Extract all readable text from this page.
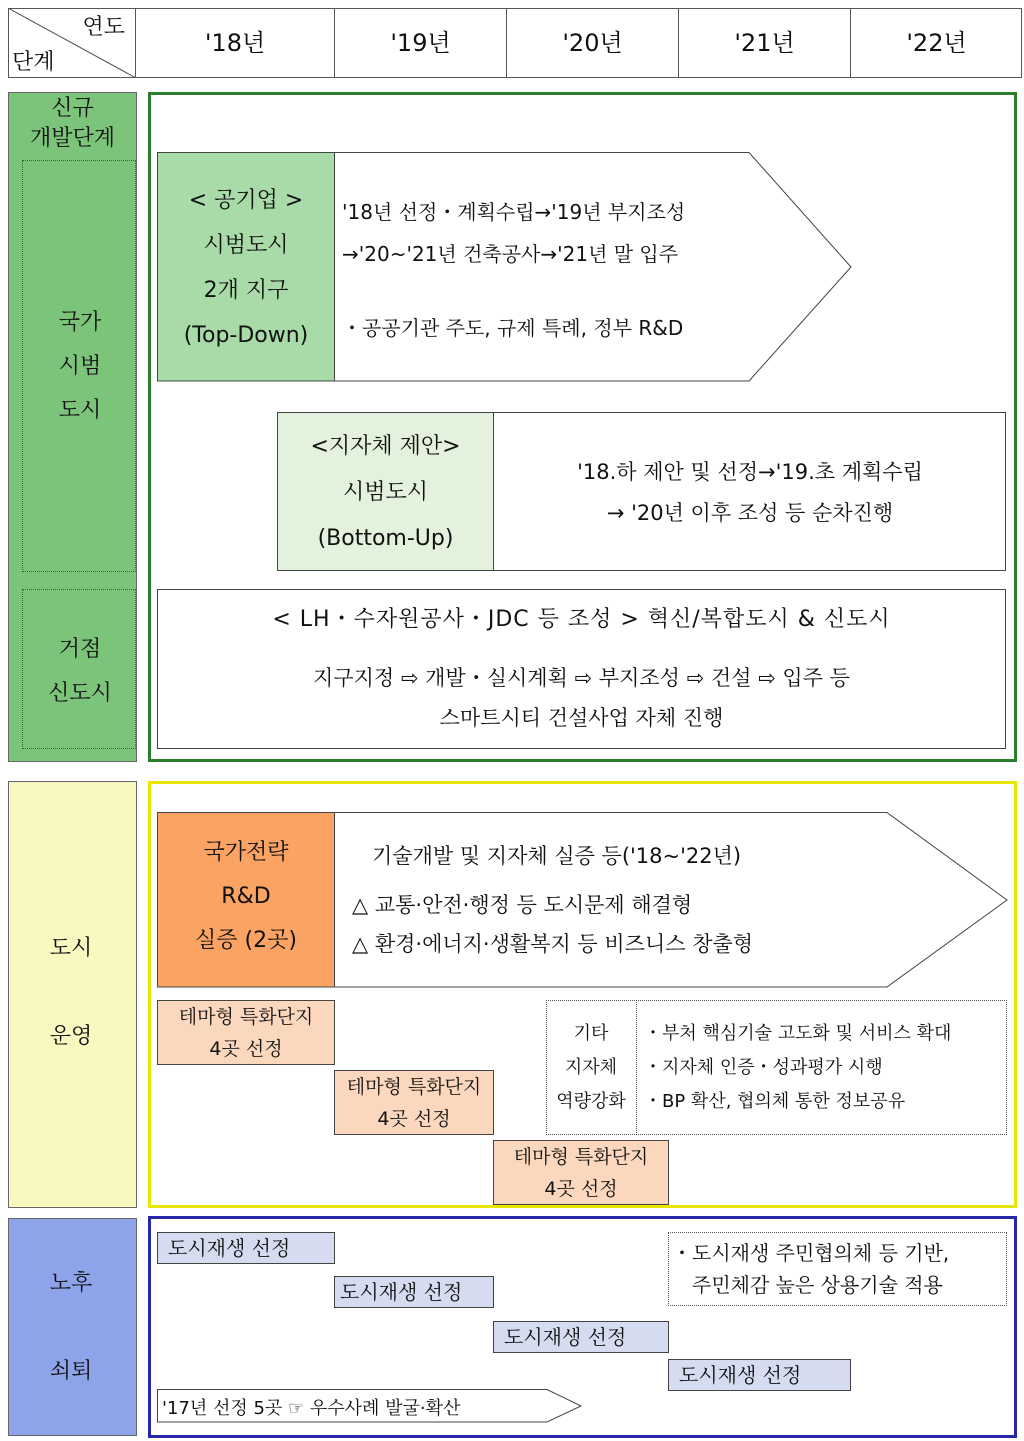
연도
단계
'18년	'19년	'20년	'21년	'22년
신규
개발단계
국가
시범
도시
거점
신도시
< 공기업 >
시범도시
2개 지구
(Top-Down)
'18년 선정・계획수립→'19년 부지조성
→'20~'21년 건축공사→'21년 말 입주
・공공기관 주도, 규제 특례, 정부 R&D
<지자체 제안>
시범도시
(Bottom-Up)
'18.하 제안 및 선정→'19.초 계획수립
→ '20년 이후 조성 등 순차진행
< LH・수자원공사・JDC 등 조성 > 혁신/복합도시 & 신도시
지구지정 ⇨ 개발・실시계획 ⇨ 부지조성 ⇨ 건설 ⇨ 입주 등
스마트시티 건설사업 자체 진행
도시

운영
국가전략
R&D
실증 (2곳)
기술개발 및 지자체 실증 등('18~'22년)
△ 교통·안전·행정 등 도시문제 해결형
△ 환경·에너지·생활복지 등 비즈니스 창출형
테마형 특화단지
4곳 선정
테마형 특화단지
4곳 선정
테마형 특화단지
4곳 선정
기타
지자체
역량강화
・부처 핵심기술 고도화 및 서비스 확대
・지자체 인증・성과평가 시행
・BP 확산, 협의체 통한 정보공유
노후

쇠퇴
도시재생 선정
도시재생 선정
도시재생 선정
도시재생 선정
・도시재생 주민협의체 등 기반,
주민체감 높은 상용기술 적용
'17년 선정 5곳 ☞ 우수사례 발굴·확산
